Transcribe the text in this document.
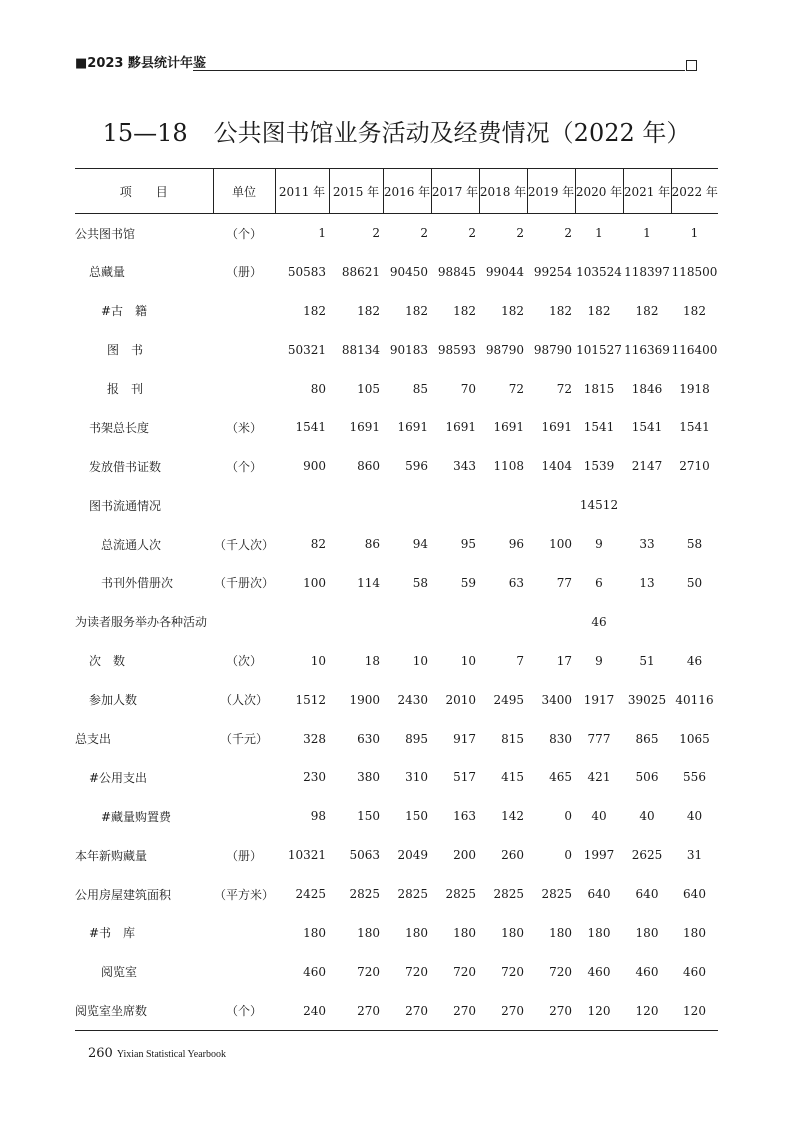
■2023 黟县统计年鉴
15—18 公共图书馆业务活动及经费情况（2022 年）
项　　目	单位	2011 年	2015 年	2016 年	2017 年	2018 年	2019 年	2020 年	2021 年	2022 年
公共图书馆	（个）	1	2	2	2	2	2	1	1	1
总藏量	（册）	50583	88621	90450	98845	99044	99254	103524	118397	118500
#古　籍		182	182	182	182	182	182	182	182	182
图　书		50321	88134	90183	98593	98790	98790	101527	116369	116400
报　刊		80	105	85	70	72	72	1815	1846	1918
书架总长度	（米）	1541	1691	1691	1691	1691	1691	1541	1541	1541
发放借书证数	（个）	900	860	596	343	1108	1404	1539	2147	2710
图书流通情况								14512		
总流通人次	（千人次）	82	86	94	95	96	100	9	33	58
书刊外借册次	（千册次）	100	114	58	59	63	77	6	13	50
为读者服务举办各种活动								46		
次　数	（次）	10	18	10	10	7	17	9	51	46
参加人数	（人次）	1512	1900	2430	2010	2495	3400	1917	39025	40116
总支出	（千元）	328	630	895	917	815	830	777	865	1065
#公用支出		230	380	310	517	415	465	421	506	556
#藏量购置费		98	150	150	163	142	0	40	40	40
本年新购藏量	（册）	10321	5063	2049	200	260	0	1997	2625	31
公用房屋建筑面积	（平方米）	2425	2825	2825	2825	2825	2825	640	640	640
#书　库		180	180	180	180	180	180	180	180	180
阅览室		460	720	720	720	720	720	460	460	460
阅览室坐席数	（个）	240	270	270	270	270	270	120	120	120
260 Yixian Statistical Yearbook
